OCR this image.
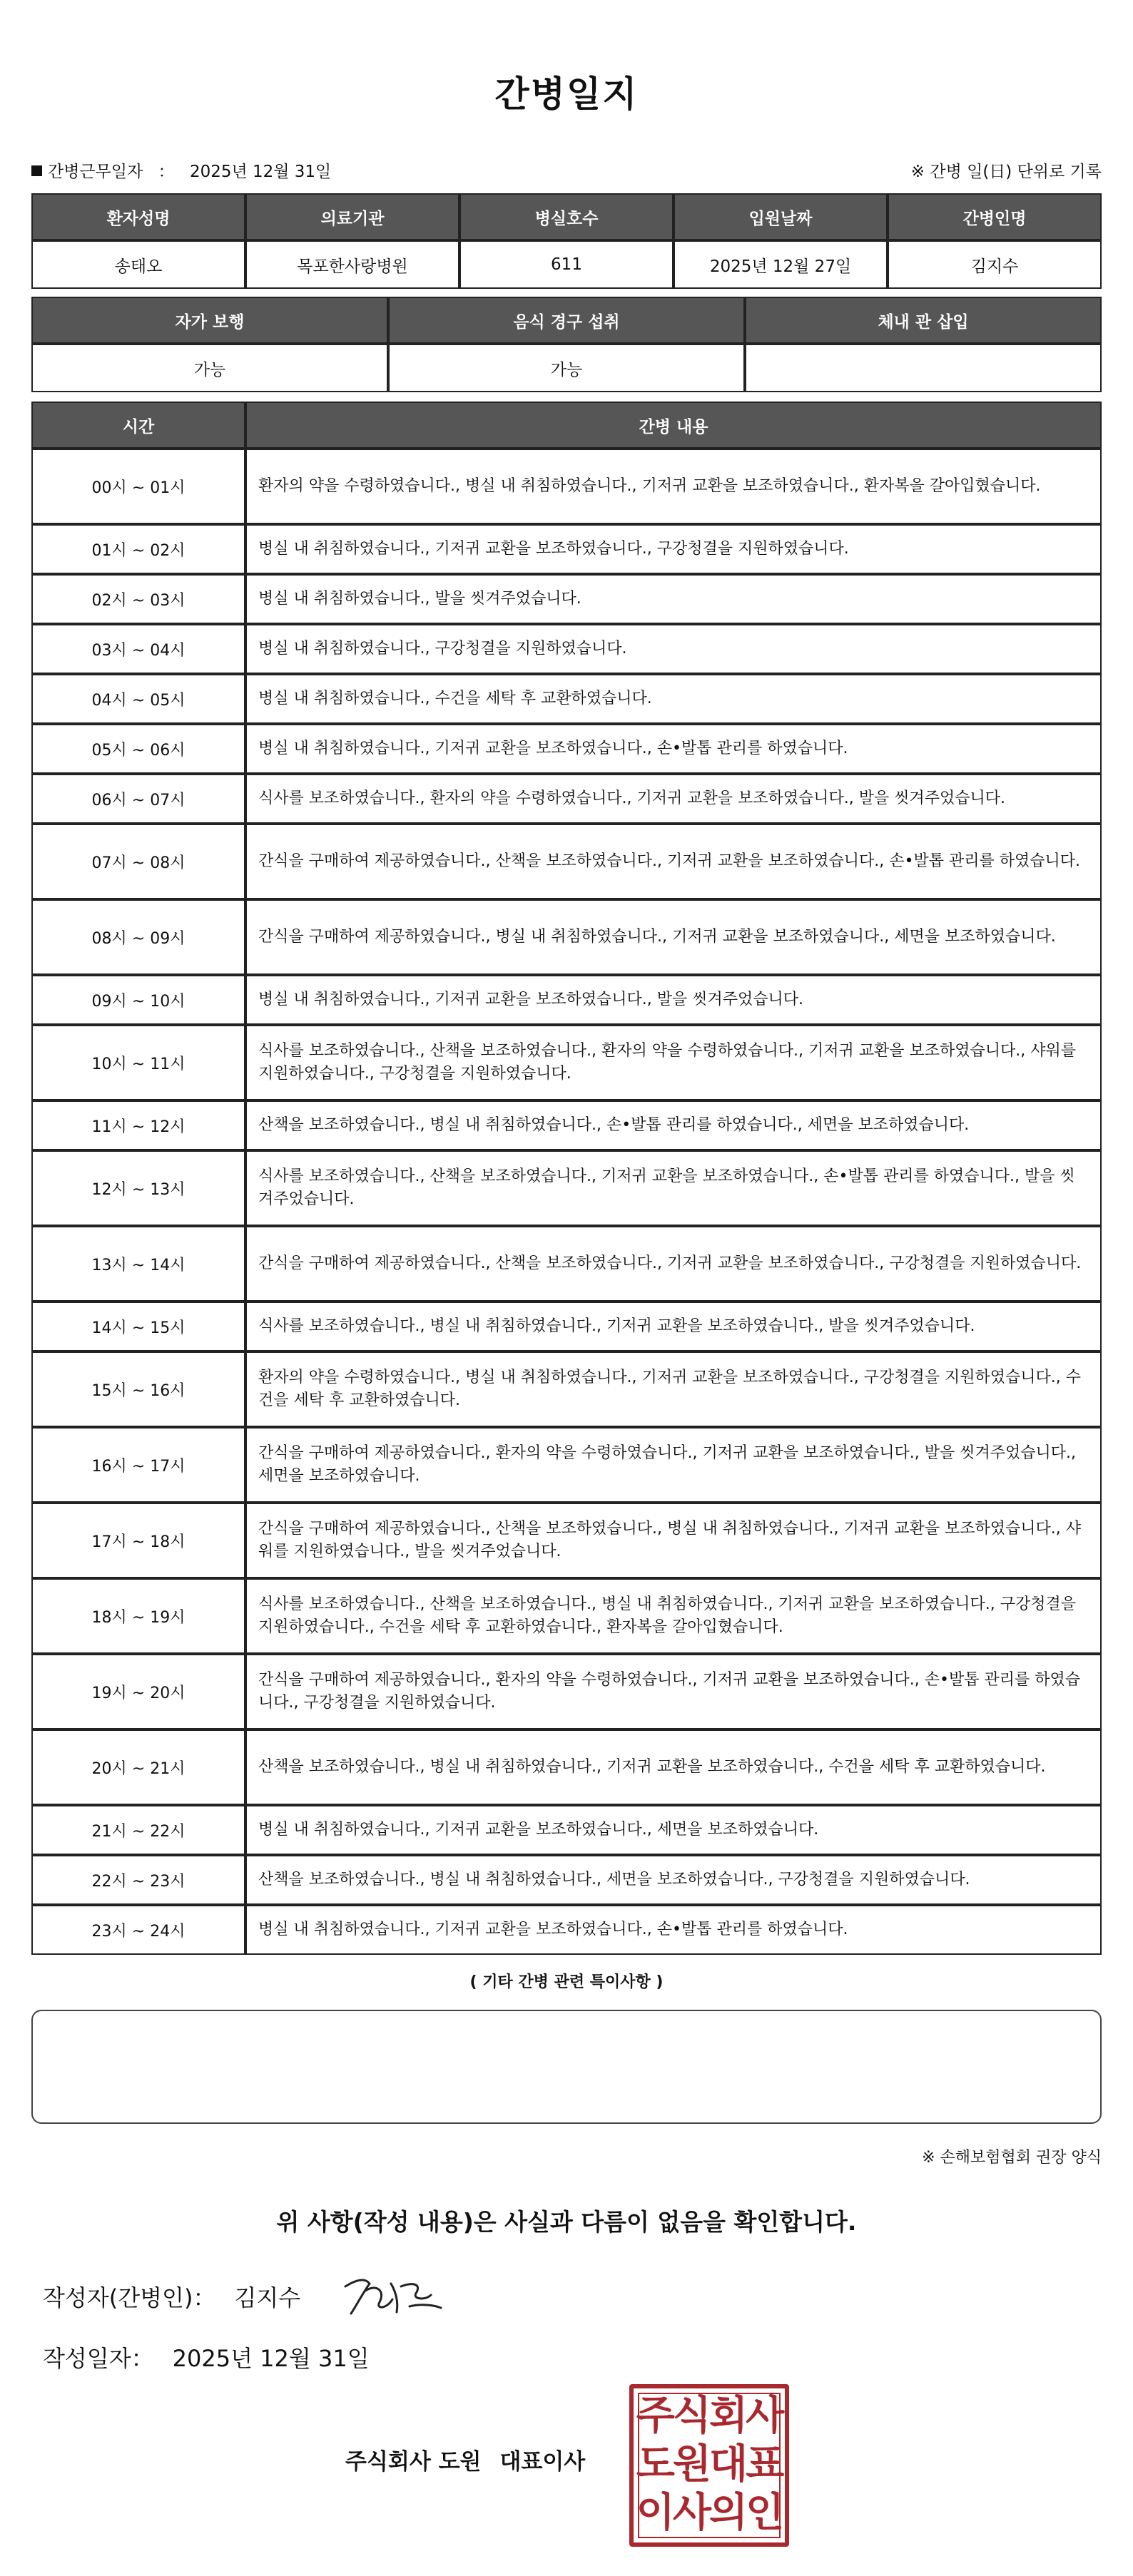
간병일지
간병근무일자 ： 2025년 12월 31일	※ 간병 일(日) 단위로 기록
환자성명	의료기관	병실호수	입원날짜	간병인명
송태오	목포한사랑병원	611	2025년 12월 27일	김지수
자가 보행	음식 경구 섭취	체내 관 삽입
가능	가능	
시간	간병 내용
00시 ~ 01시	환자의 약을 수령하였습니다., 병실 내 취침하였습니다., 기저귀 교환을 보조하였습니다., 환자복을 갈아입혔습니다.
01시 ~ 02시	병실 내 취침하였습니다., 기저귀 교환을 보조하였습니다., 구강청결을 지원하였습니다.
02시 ~ 03시	병실 내 취침하였습니다., 발을 씻겨주었습니다.
03시 ~ 04시	병실 내 취침하였습니다., 구강청결을 지원하였습니다.
04시 ~ 05시	병실 내 취침하였습니다., 수건을 세탁 후 교환하였습니다.
05시 ~ 06시	병실 내 취침하였습니다., 기저귀 교환을 보조하였습니다., 손•발톱 관리를 하였습니다.
06시 ~ 07시	식사를 보조하였습니다., 환자의 약을 수령하였습니다., 기저귀 교환을 보조하였습니다., 발을 씻겨주었습니다.
07시 ~ 08시	간식을 구매하여 제공하였습니다., 산책을 보조하였습니다., 기저귀 교환을 보조하였습니다., 손•발톱 관리를 하였습니다.
08시 ~ 09시	간식을 구매하여 제공하였습니다., 병실 내 취침하였습니다., 기저귀 교환을 보조하였습니다., 세면을 보조하였습니다.
09시 ~ 10시	병실 내 취침하였습니다., 기저귀 교환을 보조하였습니다., 발을 씻겨주었습니다.
10시 ~ 11시	식사를 보조하였습니다., 산책을 보조하였습니다., 환자의 약을 수령하였습니다., 기저귀 교환을 보조하였습니다., 샤워를 지원하였습니다., 구강청결을 지원하였습니다.
11시 ~ 12시	산책을 보조하였습니다., 병실 내 취침하였습니다., 손•발톱 관리를 하였습니다., 세면을 보조하였습니다.
12시 ~ 13시	식사를 보조하였습니다., 산책을 보조하였습니다., 기저귀 교환을 보조하였습니다., 손•발톱 관리를 하였습니다., 발을 씻겨주었습니다.
13시 ~ 14시	간식을 구매하여 제공하였습니다., 산책을 보조하였습니다., 기저귀 교환을 보조하였습니다., 구강청결을 지원하였습니다.
14시 ~ 15시	식사를 보조하였습니다., 병실 내 취침하였습니다., 기저귀 교환을 보조하였습니다., 발을 씻겨주었습니다.
15시 ~ 16시	환자의 약을 수령하였습니다., 병실 내 취침하였습니다., 기저귀 교환을 보조하였습니다., 구강청결을 지원하였습니다., 수건을 세탁 후 교환하였습니다.
16시 ~ 17시	간식을 구매하여 제공하였습니다., 환자의 약을 수령하였습니다., 기저귀 교환을 보조하였습니다., 발을 씻겨주었습니다., 세면을 보조하였습니다.
17시 ~ 18시	간식을 구매하여 제공하였습니다., 산책을 보조하였습니다., 병실 내 취침하였습니다., 기저귀 교환을 보조하였습니다., 샤워를 지원하였습니다., 발을 씻겨주었습니다.
18시 ~ 19시	식사를 보조하였습니다., 산책을 보조하였습니다., 병실 내 취침하였습니다., 기저귀 교환을 보조하였습니다., 구강청결을 지원하였습니다., 수건을 세탁 후 교환하였습니다., 환자복을 갈아입혔습니다.
19시 ~ 20시	간식을 구매하여 제공하였습니다., 환자의 약을 수령하였습니다., 기저귀 교환을 보조하였습니다., 손•발톱 관리를 하였습니다., 구강청결을 지원하였습니다.
20시 ~ 21시	산책을 보조하였습니다., 병실 내 취침하였습니다., 기저귀 교환을 보조하였습니다., 수건을 세탁 후 교환하였습니다.
21시 ~ 22시	병실 내 취침하였습니다., 기저귀 교환을 보조하였습니다., 세면을 보조하였습니다.
22시 ~ 23시	산책을 보조하였습니다., 병실 내 취침하였습니다., 세면을 보조하였습니다., 구강청결을 지원하였습니다.
23시 ~ 24시	병실 내 취침하였습니다., 기저귀 교환을 보조하였습니다., 손•발톱 관리를 하였습니다.
( 기타 간병 관련 특이사항 )
※ 손해보험협회 권장 양식
위 사항(작성 내용)은 사실과 다름이 없음을 확인합니다.
작성자(간병인)： 김지수
작성일자： 2025년 12월 31일
주식회사 도원 대표이사
주식회사
도원대표
이사의인
